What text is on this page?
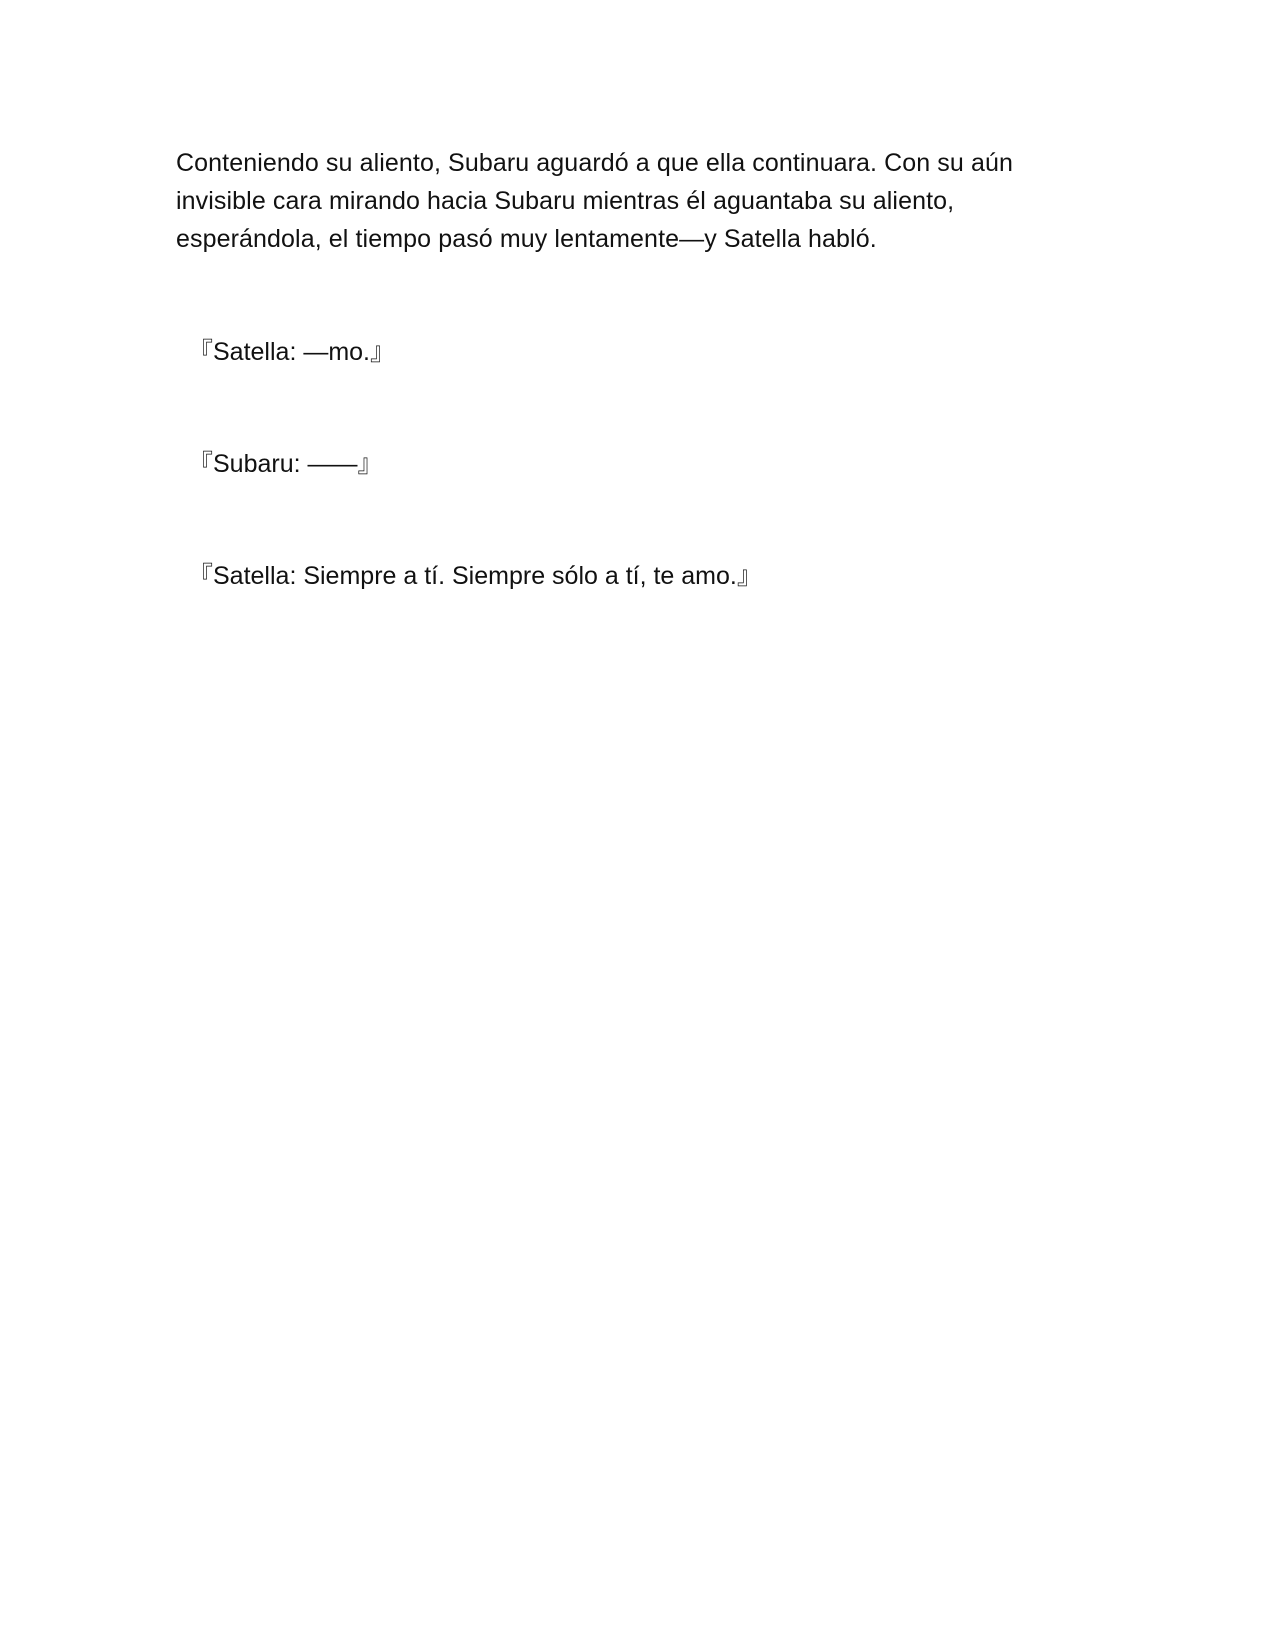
Conteniendo su aliento, Subaru aguardó a que ella continuara. Con su aún invisible cara mirando hacia Subaru mientras él aguantaba su aliento, esperándola, el tiempo pasó muy lentamente—y Satella habló.

『Satella: —mo.』

『Subaru: ——』

『Satella: Siempre a tí. Siempre sólo a tí, te amo.』
